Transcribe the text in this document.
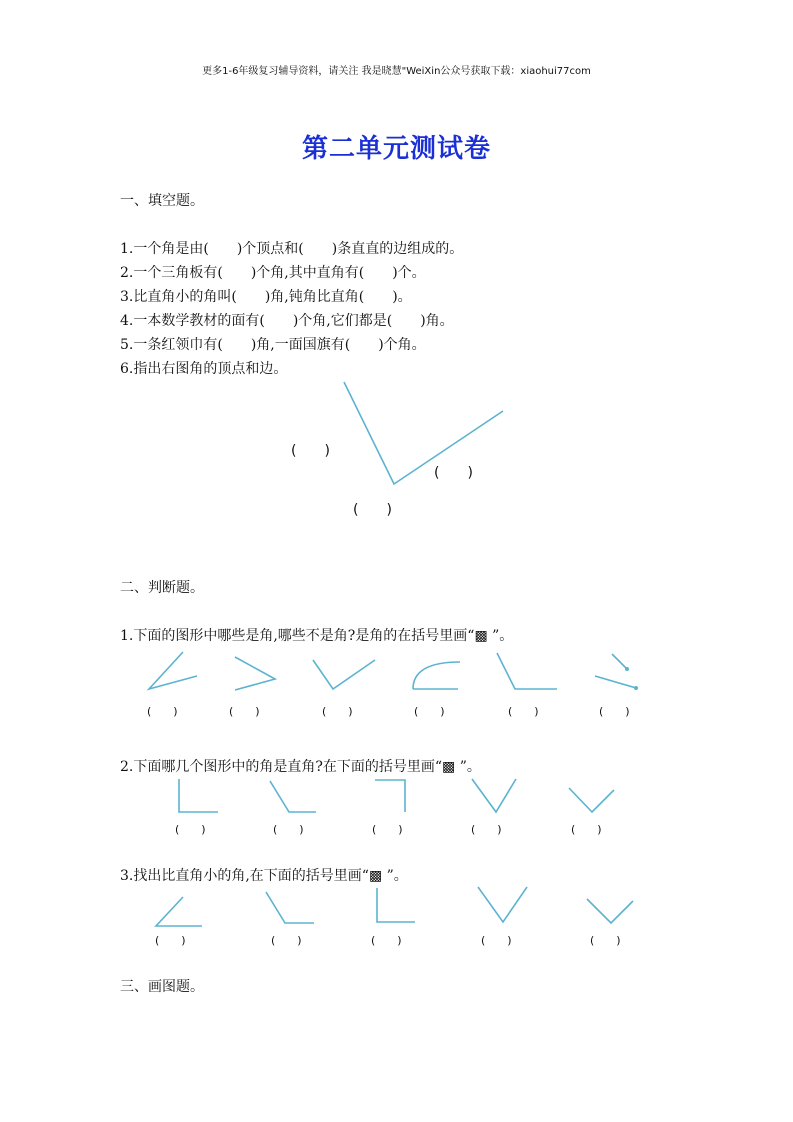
更多1-6年级复习辅导资料，请关注 我是晓慧"WeiXin公众号获取下载：xiaohui77com
第二单元测试卷
一、填空题。
1.一个角是由(　　)个顶点和(　　)条直直的边组成的。
2.一个三角板有(　　)个角,其中直角有(　　)个。
3.比直角小的角叫(　　)角,钝角比直角(　　)。
4.一本数学教材的面有(　　)个角,它们都是(　　)角。
5.一条红领巾有(　　)角,一面国旗有(　　)个角。
6.指出右图角的顶点和边。
(　　)
(　　)
(　　)
二、判断题。
1.下面的图形中哪些是角,哪些不是角?是角的在括号里画“▩ ”。
(　　)	(　　)	(　　)	(　　)	(　　)	(　　)
2.下面哪几个图形中的角是直角?在下面的括号里画“▩ ”。
(　　)	(　　)	(　　)	(　　)	(　　)
3.找出比直角小的角,在下面的括号里画“▩ ”。
(　　)	(　　)	(　　)	(　　)	(　　)
三、画图题。
